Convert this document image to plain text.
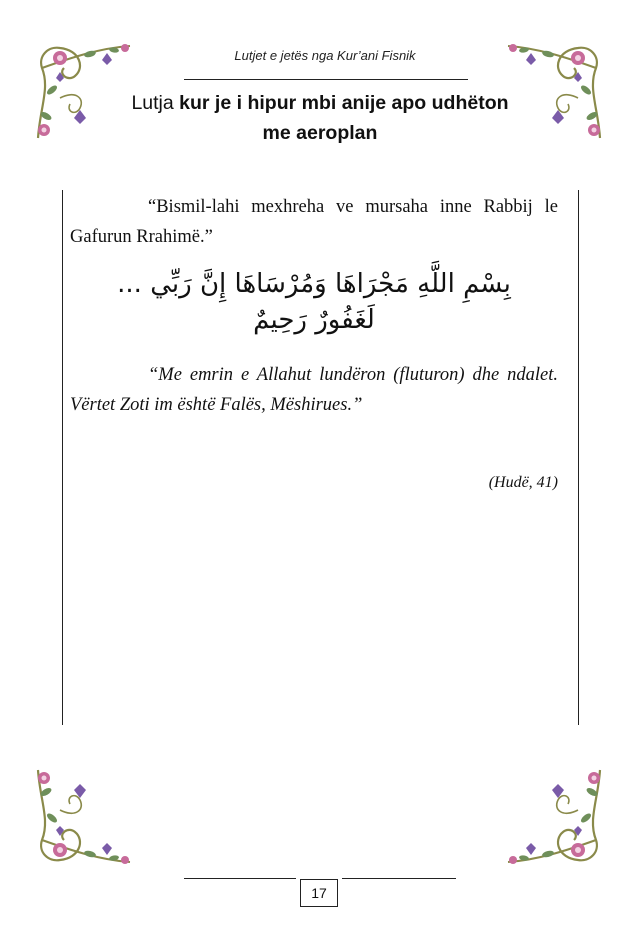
Lutjet e jetës nga Kur’ani Fisnik
Lutja kur je i hipur mbi anije apo udhëton
me aeroplan
“Bismil-lahi mexhreha ve mursaha inne Rabbij le Gafurun Rrahimë.”
بِسْمِ اللَّهِ مَجْرَاهَا وَمُرْسَاهَا إِنَّ رَبِّي ...
لَغَفُورٌ رَحِيمٌ
“Me emrin e Allahut lundëron (fluturon) dhe ndalet. Vërtet Zoti im është Falës, Mëshirues.”
(Hudë, 41)
17
